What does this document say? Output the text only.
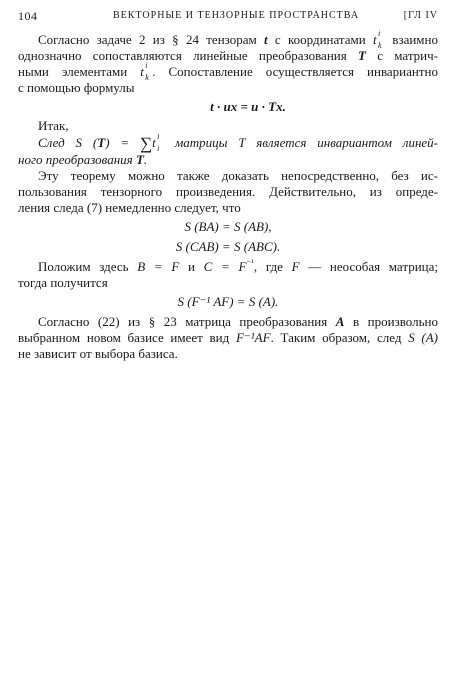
104	ВЕКТОРНЫЕ И ТЕНЗОРНЫЕ ПРОСТРАНСТВА	[ГЛ IV
Согласно задаче 2 из § 24 тензорам t с координатами t i
k взаимно
однозначно сопоставляются линейные преобразования T с матрич-
ными элементами t i
k . Сопоставление осуществляется инвариантно
с помощью формулы
t · ux = u · Tx.
Итак,
След S (T) = ∑t i
i матрицы T является инвариантом линей-
ного преобразования T.
Эту теорему можно также доказать непосредственно, без ис-
пользования тензорного произведения. Действительно, из опреде-
ления следа (7) немедленно следует, что
S (BA) = S (AB),
S (CAB) = S (ABC).
Положим здесь B = F и $C = F^{^{-1}}$, где F — неособая матрица;
тогда получится
S (F⁻¹ AF) = S (A).
Согласно (22) из § 23 матрица преобразования A в произвольно
выбранном новом базисе имеет вид F⁻¹AF. Таким образом, след S (A)
не зависит от выбора базиса.
